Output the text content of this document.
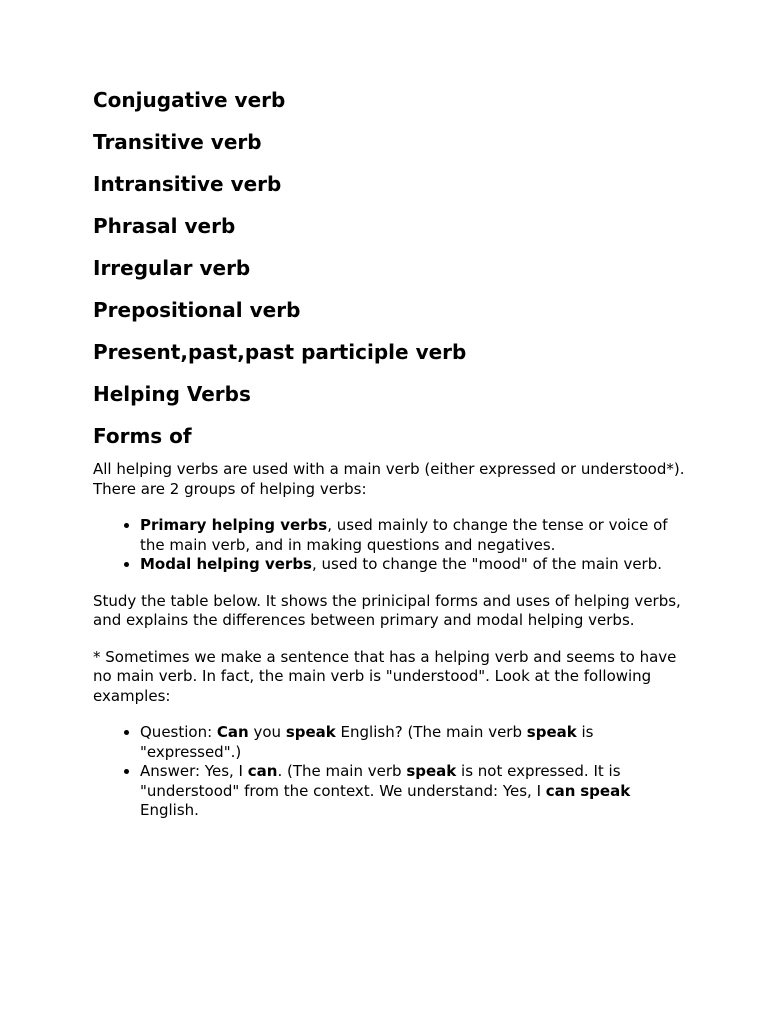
Conjugative verb
Transitive verb
Intransitive verb
Phrasal verb
Irregular verb
Prepositional verb
Present,past,past participle verb
Helping Verbs
Forms of

All helping verbs are used with a main verb (either expressed or understood*). There are 2 groups of helping verbs:

• Primary helping verbs, used mainly to change the tense or voice of the main verb, and in making questions and negatives.
• Modal helping verbs, used to change the "mood" of the main verb.

Study the table below. It shows the prinicipal forms and uses of helping verbs, and explains the differences between primary and modal helping verbs.

* Sometimes we make a sentence that has a helping verb and seems to have no main verb. In fact, the main verb is "understood". Look at the following examples:

• Question: Can you speak English? (The main verb speak is "expressed".)
• Answer: Yes, I can. (The main verb speak is not expressed. It is "understood" from the context. We understand: Yes, I can speak English.
